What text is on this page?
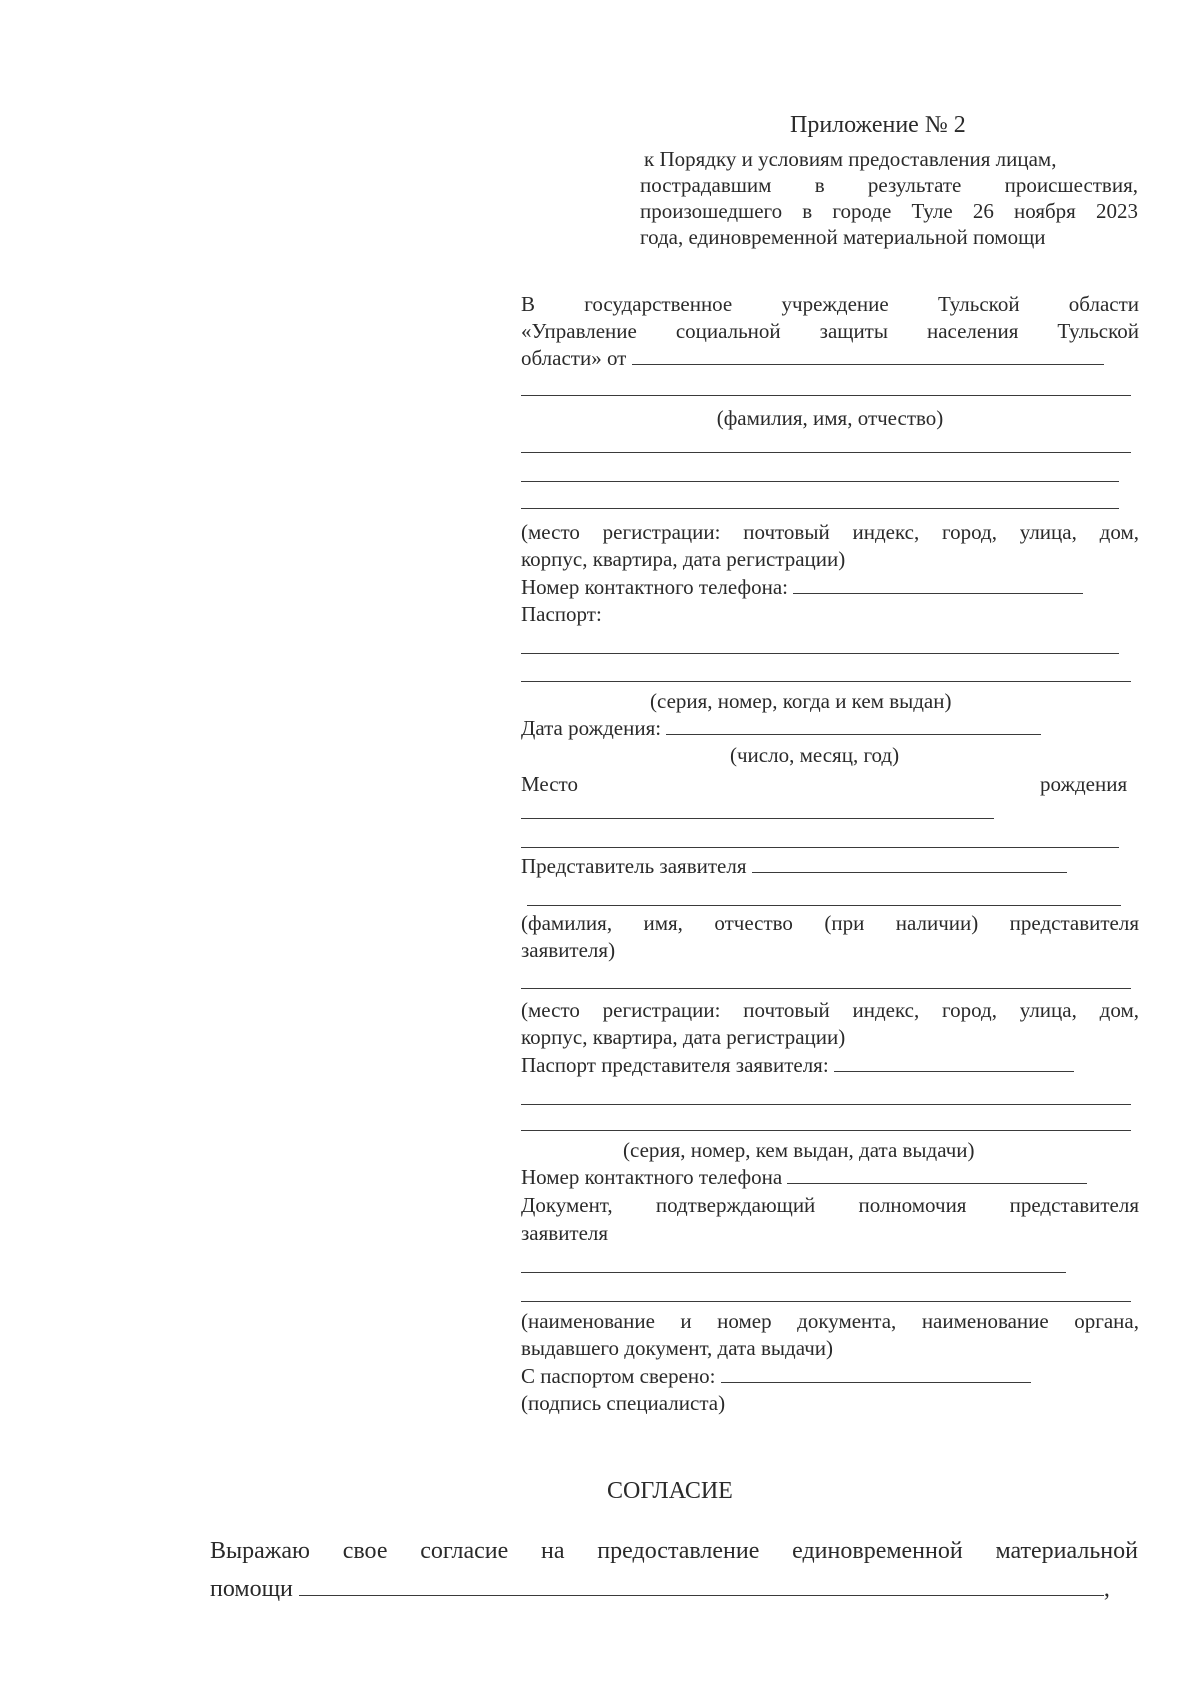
Приложение № 2
к Порядку и условиям предоставления лицам,
пострадавшим в результате происшествия,
произошедшего в городе Туле 26 ноября 2023
года, единовременной материальной помощи
В государственное учреждение Тульской области
«Управление социальной защиты населения Тульской
области» от
(фамилия, имя, отчество)
(место регистрации: почтовый индекс, город, улица, дом,
корпус, квартира, дата регистрации)
Номер контактного телефона:
Паспорт:
(серия, номер, когда и кем выдан)
Дата рождения:
(число, месяц, год)
Место	рождения
Представитель заявителя
(фамилия, имя, отчество (при наличии) представителя
заявителя)
(место регистрации: почтовый индекс, город, улица, дом,
корпус, квартира, дата регистрации)
Паспорт представителя заявителя:
(серия, номер, кем выдан, дата выдачи)
Номер контактного телефона
Документ, подтверждающий полномочия представителя
заявителя
(наименование и номер документа, наименование органа,
выдавшего документ, дата выдачи)
С паспортом сверено:
(подпись специалиста)
СОГЛАСИЕ
Выражаю свое согласие на предоставление единовременной материальной
помощи	,
